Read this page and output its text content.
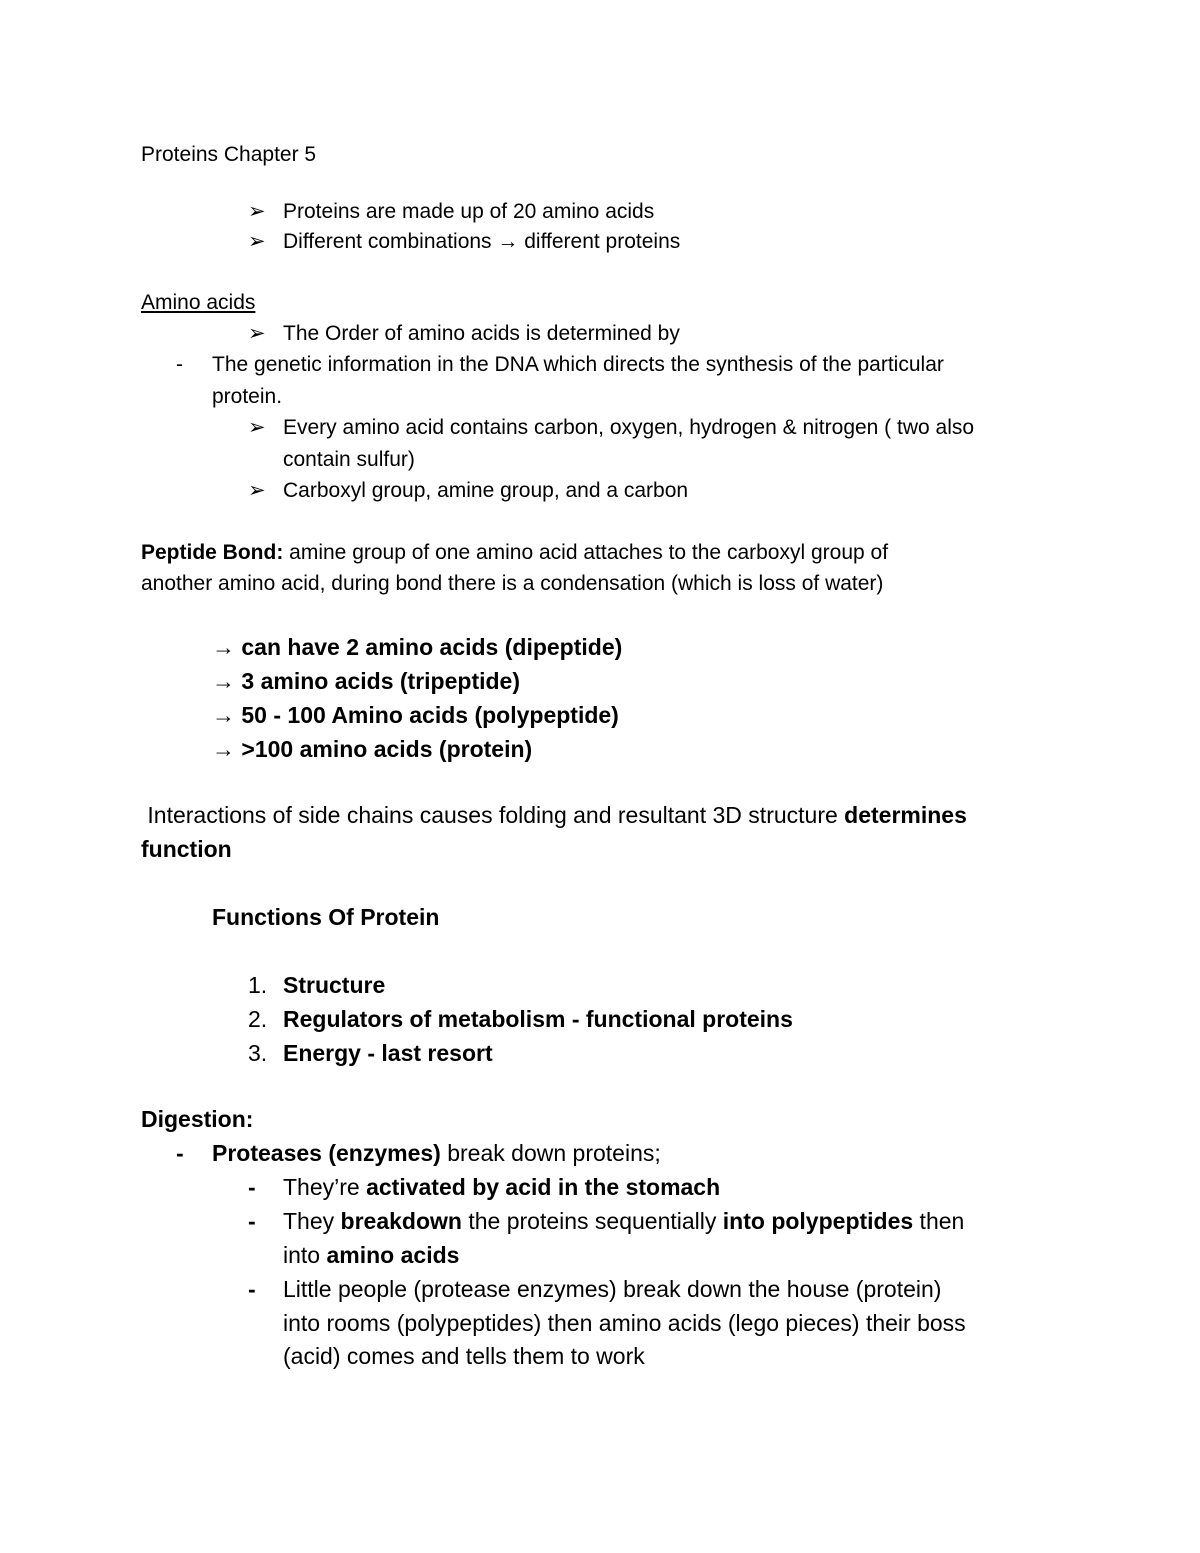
Proteins Chapter 5
➢ Proteins are made up of 20 amino acids
➢ Different combinations → different proteins
Amino acids
➢ The Order of amino acids is determined by
- The genetic information in the DNA which directs the synthesis of the particular
protein.
➢ Every amino acid contains carbon, oxygen, hydrogen & nitrogen ( two also
contain sulfur)
➢ Carboxyl group, amine group, and a carbon
Peptide Bond: amine group of one amino acid attaches to the carboxyl group of
another amino acid, during bond there is a condensation (which is loss of water)
→ can have 2 amino acids (dipeptide)
→ 3 amino acids (tripeptide)
→ 50 - 100 Amino acids (polypeptide)
→ >100 amino acids (protein)
Interactions of side chains causes folding and resultant 3D structure determines
function
Functions Of Protein
1. Structure
2. Regulators of metabolism - functional proteins
3. Energy - last resort
Digestion:
- Proteases (enzymes) break down proteins;
- They’re activated by acid in the stomach
- They breakdown the proteins sequentially into polypeptides then
into amino acids
- Little people (protease enzymes) break down the house (protein)
into rooms (polypeptides) then amino acids (lego pieces) their boss
(acid) comes and tells them to work
